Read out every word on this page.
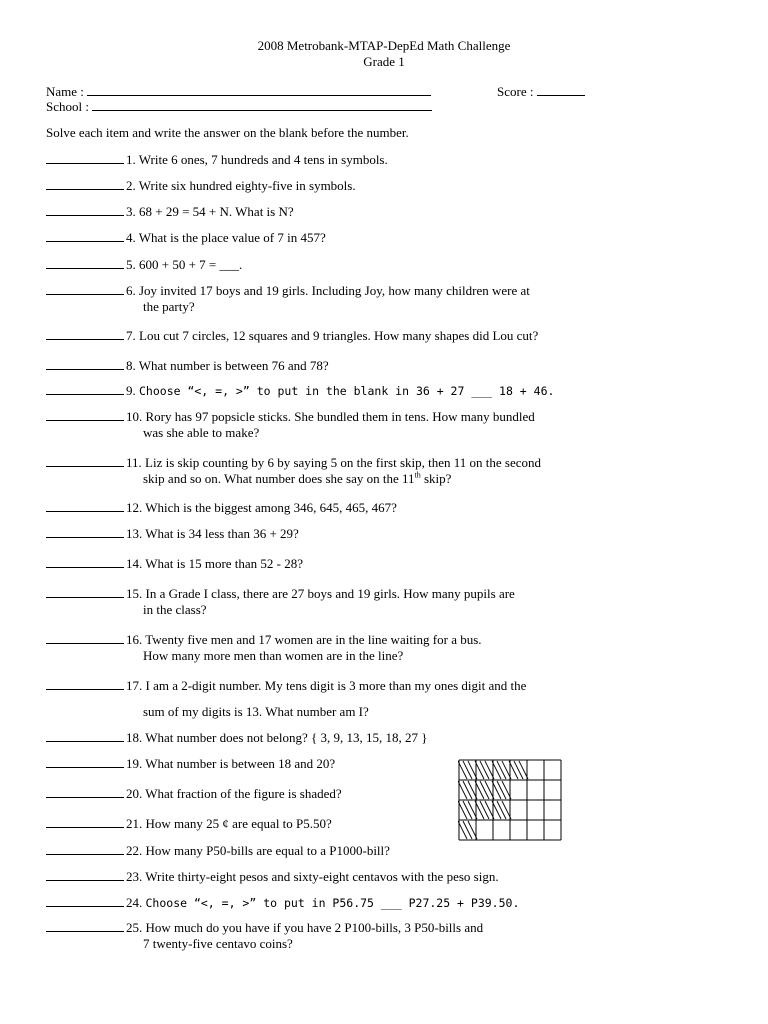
2008 Metrobank-MTAP-DepEd Math Challenge
Grade 1
Name :	Score :
School :
Solve each item and write the answer on the blank before the number.
1. Write 6 ones, 7 hundreds and 4 tens in symbols.
2. Write six hundred eighty-five in symbols.
3. 68 + 29 = 54 + N. What is N?
4. What is the place value of 7 in 457?
5. 600 + 50 + 7 = ___.
6. Joy invited 17 boys and 19 girls. Including Joy, how many children were at
the party?
7. Lou cut 7 circles, 12 squares and 9 triangles. How many shapes did Lou cut?
8. What number is between 76 and 78?
9. Choose “<, =, >” to put in the blank in 36 + 27 ___ 18 + 46.
10. Rory has 97 popsicle sticks. She bundled them in tens. How many bundled
was she able to make?
11. Liz is skip counting by 6 by saying 5 on the first skip, then 11 on the second
skip and so on. What number does she say on the 11th skip?
12. Which is the biggest among 346, 645, 465, 467?
13. What is 34 less than 36 + 29?
14. What is 15 more than 52 - 28?
15. In a Grade I class, there are 27 boys and 19 girls. How many pupils are
in the class?
16. Twenty five men and 17 women are in the line waiting for a bus.
How many more men than women are in the line?
17. I am a 2-digit number. My tens digit is 3 more than my ones digit and the
sum of my digits is 13. What number am I?
18. What number does not belong? { 3, 9, 13, 15, 18, 27 }
19. What number is between 18 and 20?
20. What fraction of the figure is shaded?
21. How many 25 ¢ are equal to P5.50?
22. How many P50-bills are equal to a P1000-bill?
23. Write thirty-eight pesos and sixty-eight centavos with the peso sign.
24. Choose “<, =, >” to put in P56.75 ___ P27.25 + P39.50.
25. How much do you have if you have 2 P100-bills, 3 P50-bills and
7 twenty-five centavo coins?
